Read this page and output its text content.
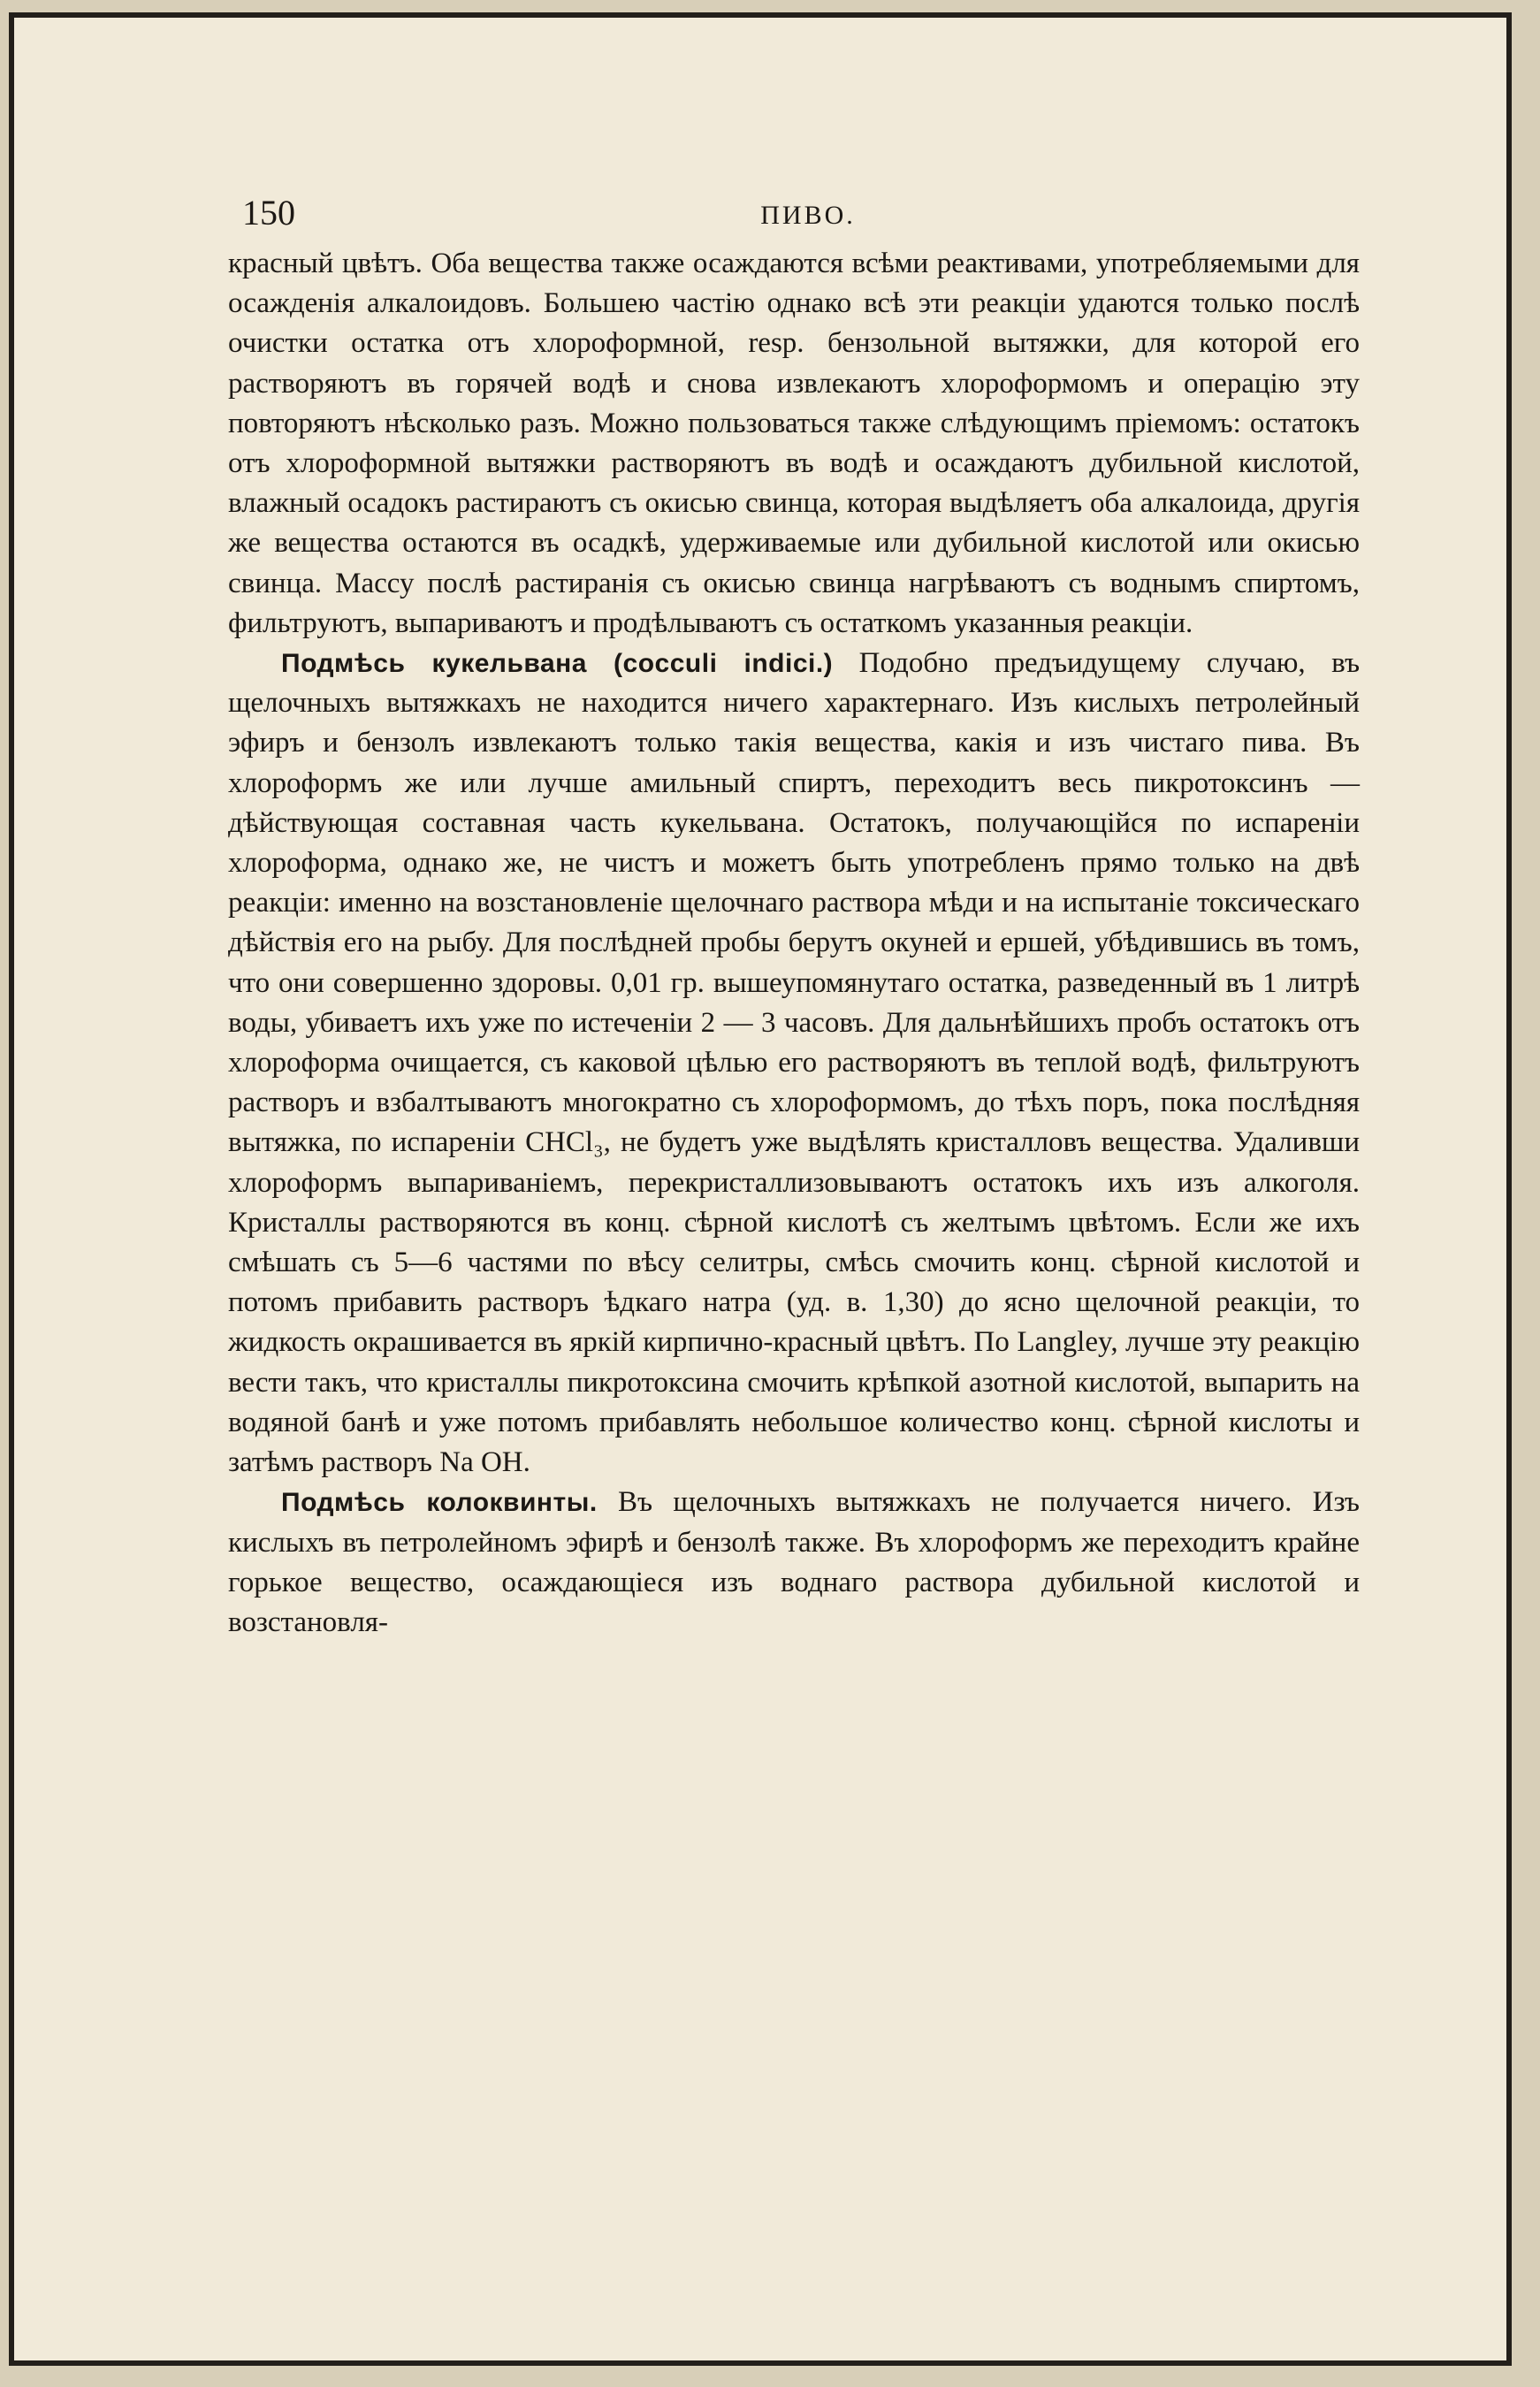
150	ПИВО.

красный цвѣтъ. Оба вещества также осаждаются всѣми реактивами, употребляемыми для осажденія алкалоидовъ. Большею частію однако всѣ эти реакціи удаются только послѣ очистки остатка отъ хлороформной, resp. бензольной вытяжки, для которой его растворяютъ въ горячей водѣ и снова извлекаютъ хлороформомъ и операцію эту повторяютъ нѣсколько разъ. Можно пользоваться также слѣдующимъ пріемомъ: остатокъ отъ хлороформной вытяжки растворяютъ въ водѣ и осаждаютъ дубильной кислотой, влажный осадокъ растираютъ съ окисью свинца, которая выдѣляетъ оба алкалоида, другія же вещества остаются въ осадкѣ, удерживаемые или дубильной кислотой или окисью свинца. Массу послѣ растиранія съ окисью свинца нагрѣваютъ съ воднымъ спиртомъ, фильтруютъ, выпариваютъ и продѣлываютъ съ остаткомъ указанныя реакціи.

Подмѣсь кукельвана (cocculi indici.) Подобно предъидущему случаю, въ щелочныхъ вытяжкахъ не находится ничего характернаго. Изъ кислыхъ петролейный эфиръ и бензолъ извлекаютъ только такія вещества, какія и изъ чистаго пива. Въ хлороформъ же или лучше амильный спиртъ, переходитъ весь пикротоксинъ — дѣйствующая составная часть кукельвана. Остатокъ, получающійся по испареніи хлороформа, однако же, не чистъ и можетъ быть употребленъ прямо только на двѣ реакціи: именно на возстановленіе щелочнаго раствора мѣди и на испытаніе токсическаго дѣйствія его на рыбу. Для послѣдней пробы берутъ окуней и ершей, убѣдившись въ томъ, что они совершенно здоровы. 0,01 гр. вышеупомянутаго остатка, разведенный въ 1 литрѣ воды, убиваетъ ихъ уже по истеченіи 2 — 3 часовъ. Для дальнѣйшихъ пробъ остатокъ отъ хлороформа очищается, съ каковой цѣлью его растворяютъ въ теплой водѣ, фильтруютъ растворъ и взбалтываютъ многократно съ хлороформомъ, до тѣхъ поръ, пока послѣдняя вытяжка, по испареніи CHCl₃, не будетъ уже выдѣлять кристалловъ вещества. Удаливши хлороформъ выпариваніемъ, перекристаллизовываютъ остатокъ ихъ изъ алкоголя. Кристаллы растворяются въ конц. сѣрной кислотѣ съ желтымъ цвѣтомъ. Если же ихъ смѣшать съ 5—6 частями по вѣсу селитры, смѣсь смочить конц. сѣрной кислотой и потомъ прибавить растворъ ѣдкаго натра (уд. в. 1,30) до ясно щелочной реакціи, то жидкость окрашивается въ яркій кирпично-красный цвѣтъ. По Langley, лучше эту реакцію вести такъ, что кристаллы пикротоксина смочить крѣпкой азотной кислотой, выпарить на водяной банѣ и уже потомъ прибавлять небольшое количество конц. сѣрной кислоты и затѣмъ растворъ Na OH.

Подмѣсь колоквинты. Въ щелочныхъ вытяжкахъ не получается ничего. Изъ кислыхъ въ петролейномъ эфирѣ и бензолѣ также. Въ хлороформъ же переходитъ крайне горькое вещество, осаждающіеся изъ воднаго раствора дубильной кислотой и возстановля-
